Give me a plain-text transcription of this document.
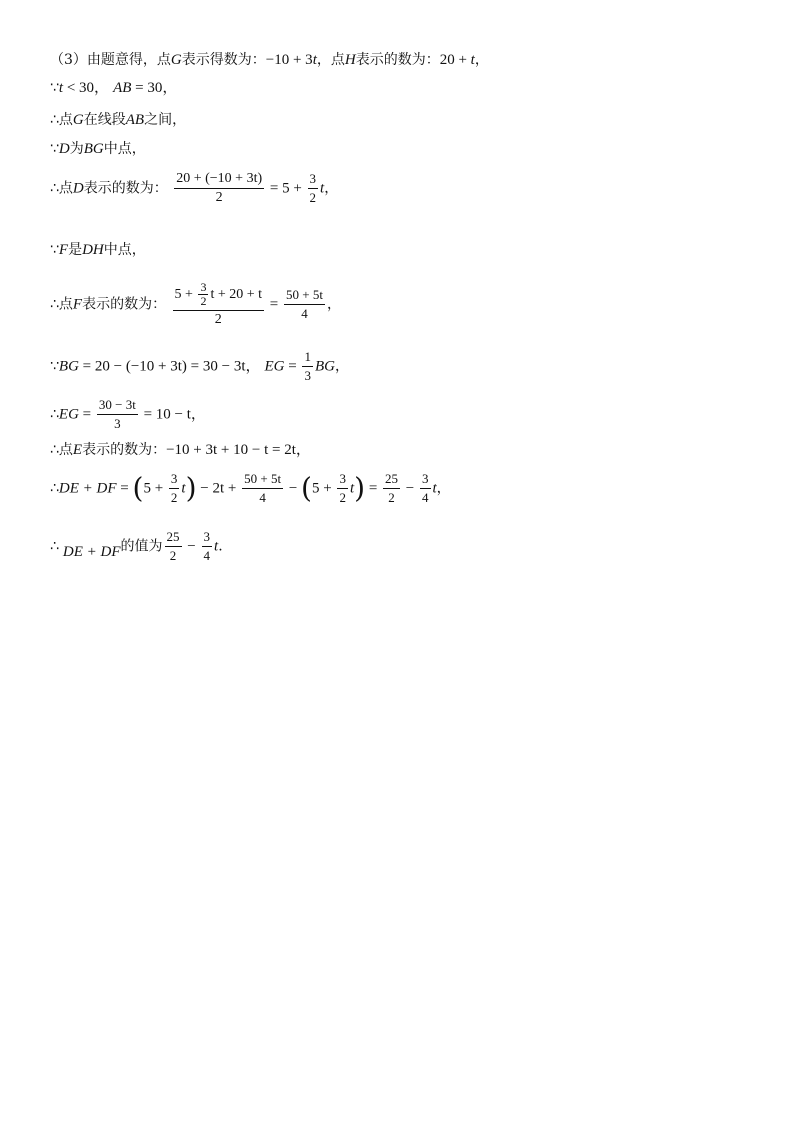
（3）由题意得，点G表示得数为：−10 + 3t，点H表示的数为：20 + t，
∵t < 30， AB = 30，
∴点G在线段AB之间，
∵D为BG中点，
∴点D表示的数为： $\frac{20 + (-10 + 3t)}{2} = 5 + \frac{3}{2}$ t，
∵F是DH中点，
∴点F表示的数为： $\frac{5 + \frac{3}{2} t + 20 + t}{2} = \frac{50 + 5t}{4}$ ，
∵BG = 20 − (−10 + 3t) = 30 − 3t， EG = $\frac{1}{3}$ BG，
∴EG = $\frac{30 - 3t}{3} = 10 - t$，
∴点E表示的数为：−10 + 3t + 10 − t = 2t，
∴DE + DF = $(5 + \frac{3}{2} t) - 2t + \frac{50 + 5t}{4} - (5 + \frac{3}{2} t) = \frac{25}{2} - \frac{3}{4}$ t，
∴ DE + DF的值为 $\frac{25}{2} - \frac{3}{4} t$.
